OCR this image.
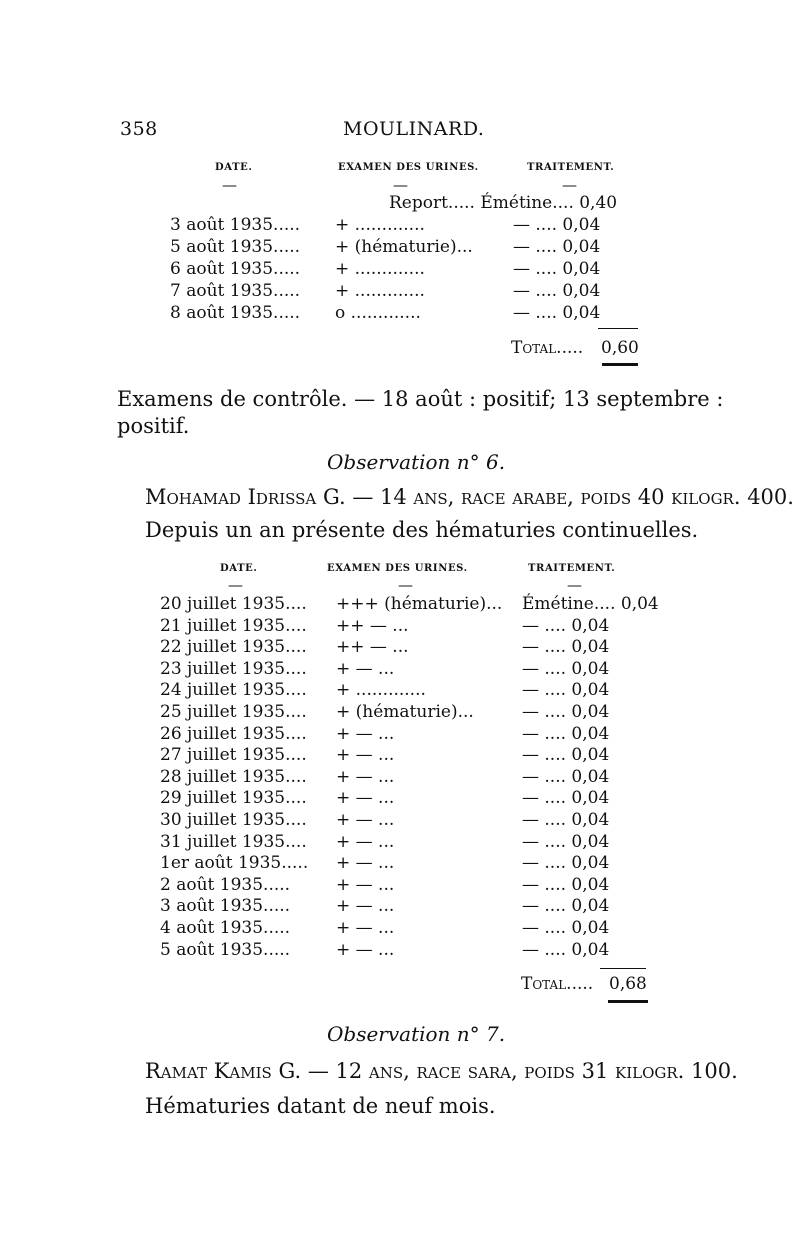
358	MOULINARD.
DATE.	EXAMEN DES URINES.	TRAITEMENT.
—	—	—
Report..... Émétine.... 0,40
3 août 1935..... + .............	— .... 0,04
5 août 1935..... + (hématurie)... — .... 0,04
6 août 1935..... + .............	— .... 0,04
7 août 1935..... + .............	— .... 0,04
8 août 1935..... o .............	— .... 0,04
Total..... 0,60
Examens de contrôle. — 18 août : positif; 13 septembre :
positif.
Observation n° 6.
Mohamad Idrissa G. — 14 ans, race arabe, poids 40 kilogr. 400.
Depuis un an présente des hématuries continuelles.
DATE.	EXAMEN DES URINES.	TRAITEMENT.
—	—	—
20 juillet 1935.... +++ (hématurie)... Émétine.... 0,04
21 juillet 1935.... ++ — ...	— .... 0,04
22 juillet 1935.... ++ — ...	— .... 0,04
23 juillet 1935.... + — ...	— .... 0,04
24 juillet 1935.... + .............	— .... 0,04
25 juillet 1935.... + (hématurie)...	— .... 0,04
26 juillet 1935.... + — ...	— .... 0,04
27 juillet 1935.... + — ...	— .... 0,04
28 juillet 1935.... + — ...	— .... 0,04
29 juillet 1935.... + — ...	— .... 0,04
30 juillet 1935.... + — ...	— .... 0,04
31 juillet 1935.... + — ...	— .... 0,04
1er août 1935..... + — ...	— .... 0,04
2 août 1935.....	+ — ...	— .... 0,04
3 août 1935.....	+ — ...	— .... 0,04
4 août 1935.....	+ — ...	— .... 0,04
5 août 1935.....	+ — ...	— .... 0,04
Total..... 0,68
Observation n° 7.
Ramat Kamis G. — 12 ans, race sara, poids 31 kilogr. 100.
Hématuries datant de neuf mois.
